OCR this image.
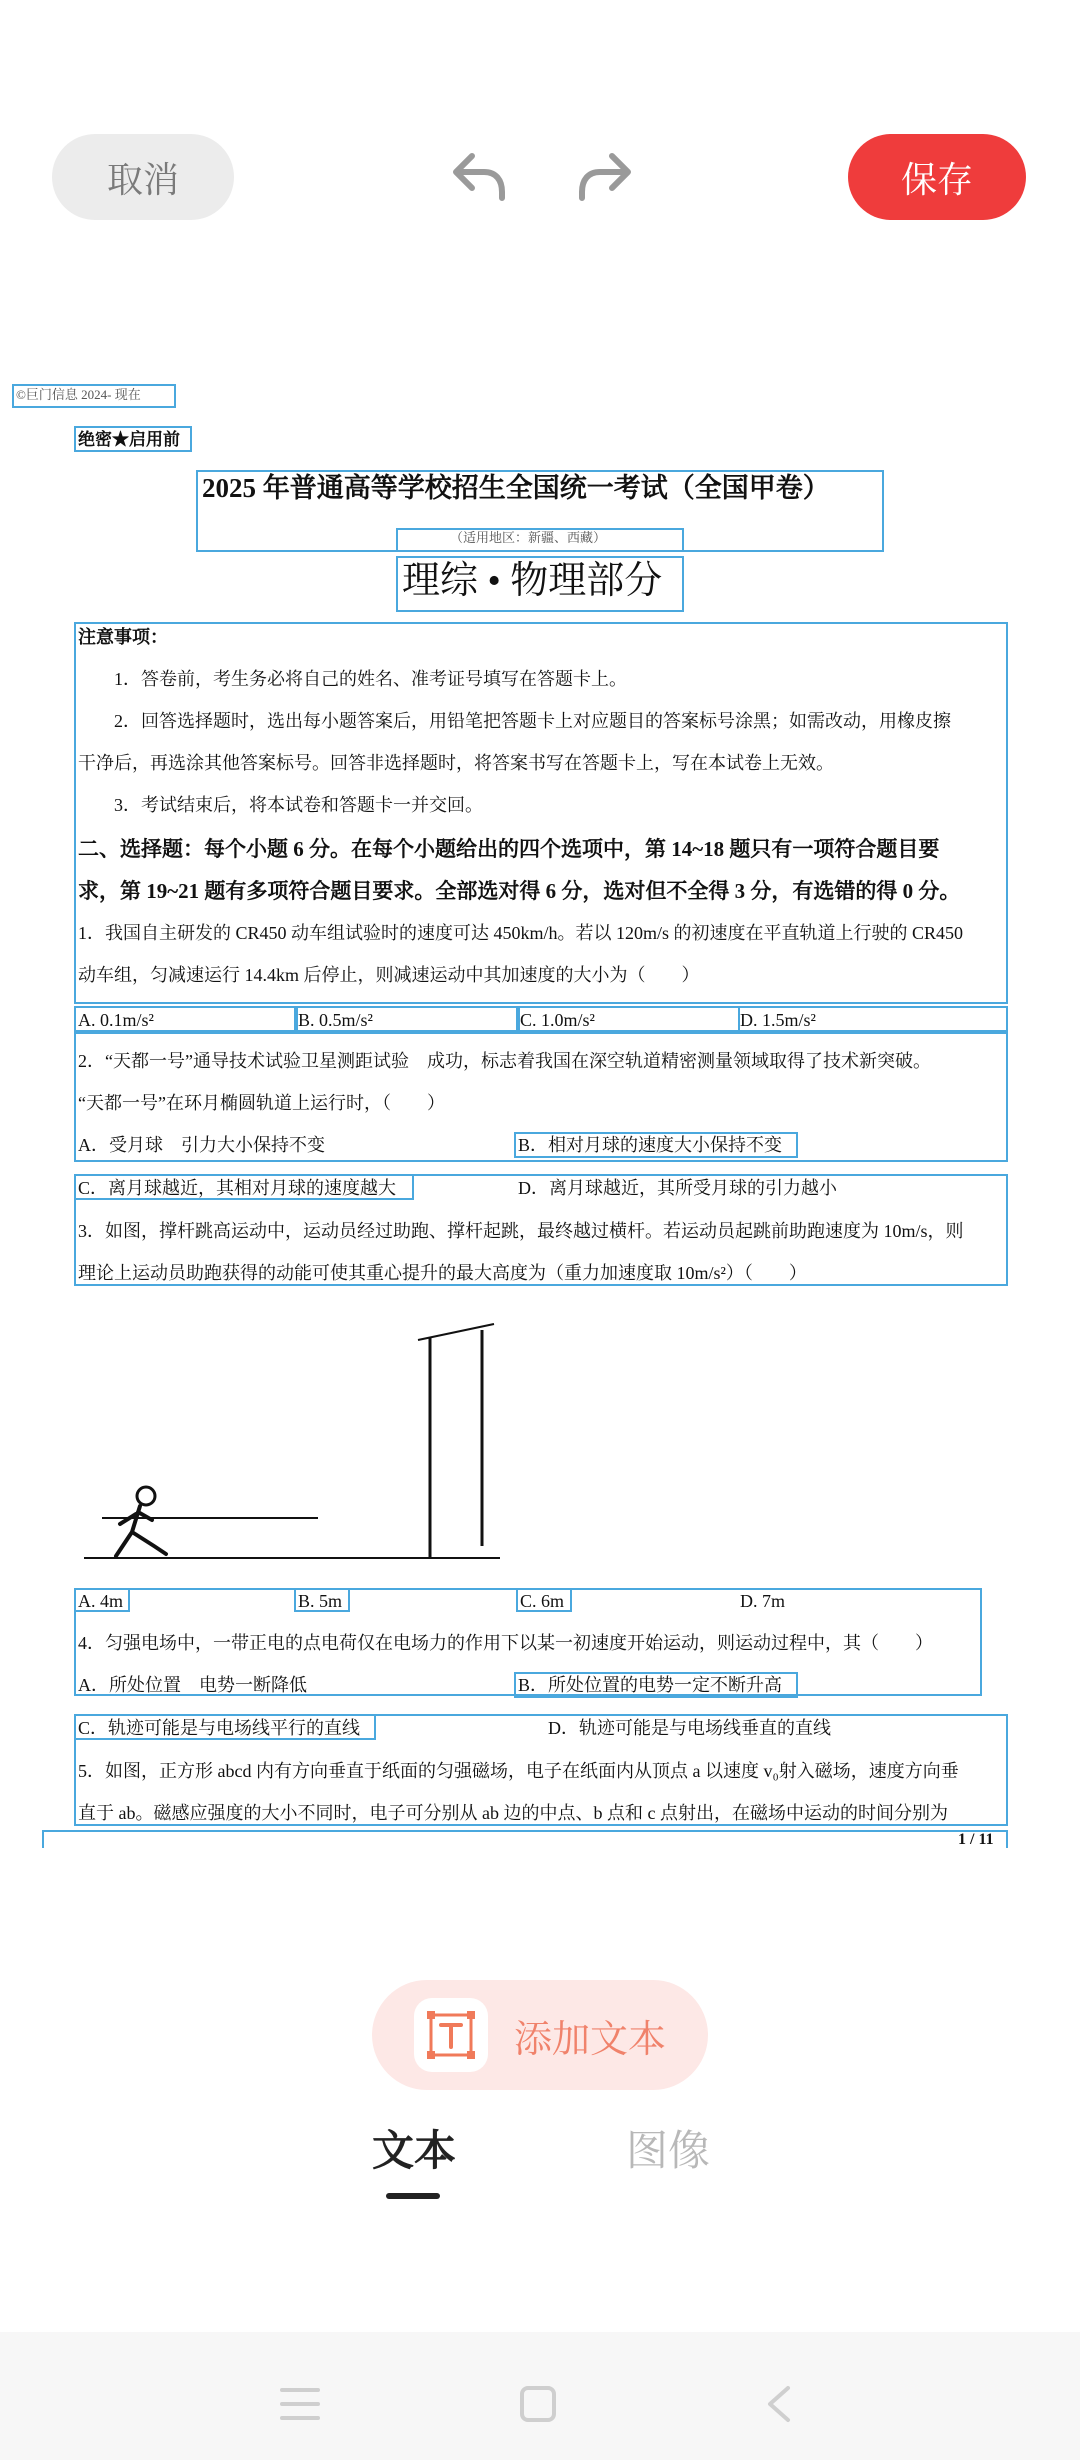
取消	保存
©巨门信息 2024- 现在
绝密★启用前
2025 年普通高等学校招生全国统一考试（全国甲卷）
（适用地区：新疆、西藏）
理综 • 物理部分
注意事项：
1．答卷前，考生务必将自己的姓名、准考证号填写在答题卡上。
2．回答选择题时，选出每小题答案后，用铅笔把答题卡上对应题目的答案标号涂黑；如需改动，用橡皮擦
干净后，再选涂其他答案标号。回答非选择题时，将答案书写在答题卡上，写在本试卷上无效。
3．考试结束后，将本试卷和答题卡一并交回。
二、选择题：每个小题 6 分。在每个小题给出的四个选项中，第 14~18 题只有一项符合题目要
求，第 19~21 题有多项符合题目要求。全部选对得 6 分，选对但不全得 3 分，有选错的得 0 分。
1．我国自主研发的 CR450 动车组试验时的速度可达 450km/h。若以 120m/s 的初速度在平直轨道上行驶的 CR450
动车组，匀减速运行 14.4km 后停止，则减速运动中其加速度的大小为（　　）
A. 0.1m/s²	B. 0.5m/s²	C. 1.0m/s²	D. 1.5m/s²
2．“天都一号”通导技术试验卫星测距试验　成功，标志着我国在深空轨道精密测量领域取得了技术新突破。
“天都一号”在环月椭圆轨道上运行时，（　　）
A．受月球　引力大小保持不变	B．相对月球的速度大小保持不变
C．离月球越近，其相对月球的速度越大	D．离月球越近，其所受月球的引力越小
3．如图，撑杆跳高运动中，运动员经过助跑、撑杆起跳，最终越过横杆。若运动员起跳前助跑速度为 10m/s，则
理论上运动员助跑获得的动能可使其重心提升的最大高度为（重力加速度取 10m/s²）（　　）
A. 4m	B. 5m	C. 6m	D. 7m
4．匀强电场中，一带正电的点电荷仅在电场力的作用下以某一初速度开始运动，则运动过程中，其（　　）
A．所处位置　电势一断降低	B．所处位置的电势一定不断升高
C．轨迹可能是与电场线平行的直线	D．轨迹可能是与电场线垂直的直线
5．如图，正方形 abcd 内有方向垂直于纸面的匀强磁场，电子在纸面内从顶点 a 以速度 v₀射入磁场，速度方向垂
直于 ab。磁感应强度的大小不同时，电子可分别从 ab 边的中点、b 点和 c 点射出，在磁场中运动的时间分别为
1 / 11
添加文本
文本	图像
